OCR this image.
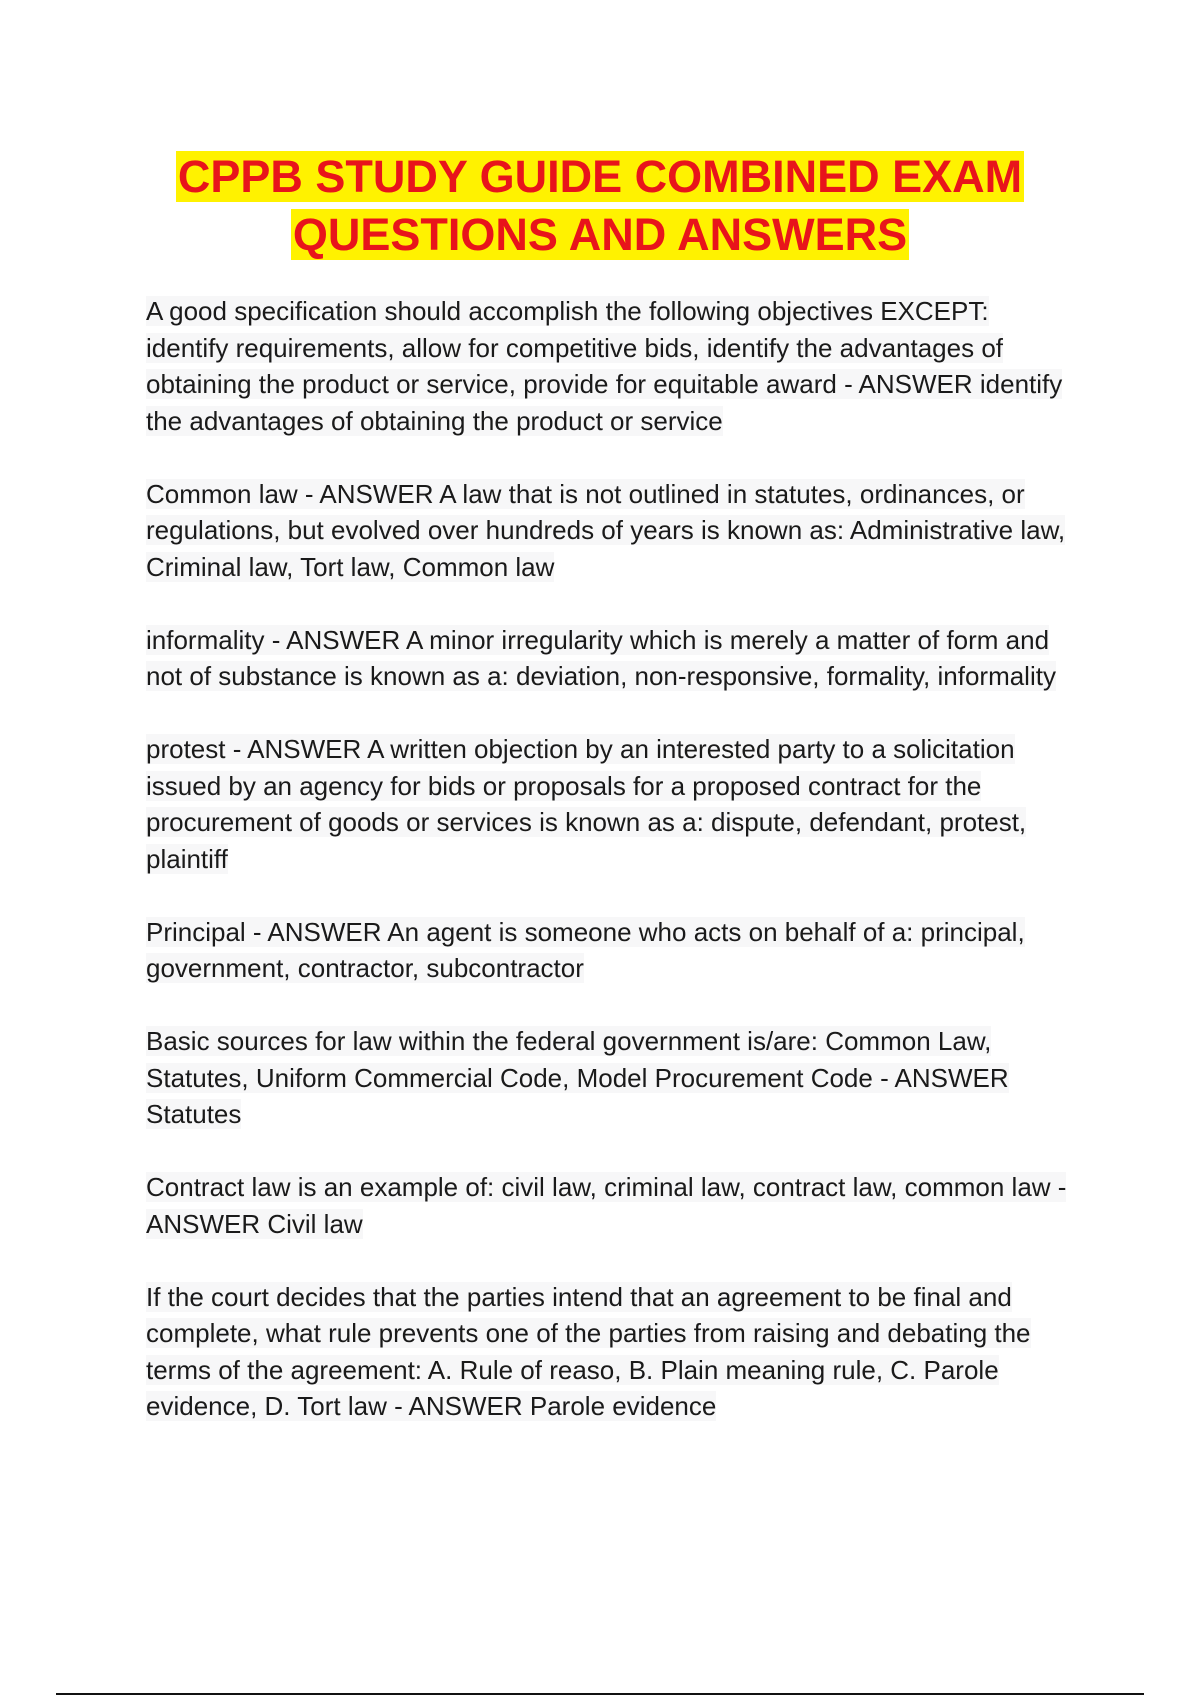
CPPB STUDY GUIDE COMBINED EXAM
QUESTIONS AND ANSWERS

A good specification should accomplish the following objectives EXCEPT: identify requirements, allow for competitive bids, identify the advantages of obtaining the product or service, provide for equitable award - ANSWER identify the advantages of obtaining the product or service

Common law - ANSWER A law that is not outlined in statutes, ordinances, or regulations, but evolved over hundreds of years is known as: Administrative law, Criminal law, Tort law, Common law

informality - ANSWER A minor irregularity which is merely a matter of form and not of substance is known as a: deviation, non-responsive, formality, informality

protest - ANSWER A written objection by an interested party to a solicitation issued by an agency for bids or proposals for a proposed contract for the procurement of goods or services is known as a: dispute, defendant, protest, plaintiff

Principal - ANSWER An agent is someone who acts on behalf of a: principal, government, contractor, subcontractor

Basic sources for law within the federal government is/are: Common Law, Statutes, Uniform Commercial Code, Model Procurement Code - ANSWER Statutes

Contract law is an example of: civil law, criminal law, contract law, common law - ANSWER Civil law

If the court decides that the parties intend that an agreement to be final and complete, what rule prevents one of the parties from raising and debating the terms of the agreement: A. Rule of reaso, B. Plain meaning rule, C. Parole evidence, D. Tort law - ANSWER Parole evidence
